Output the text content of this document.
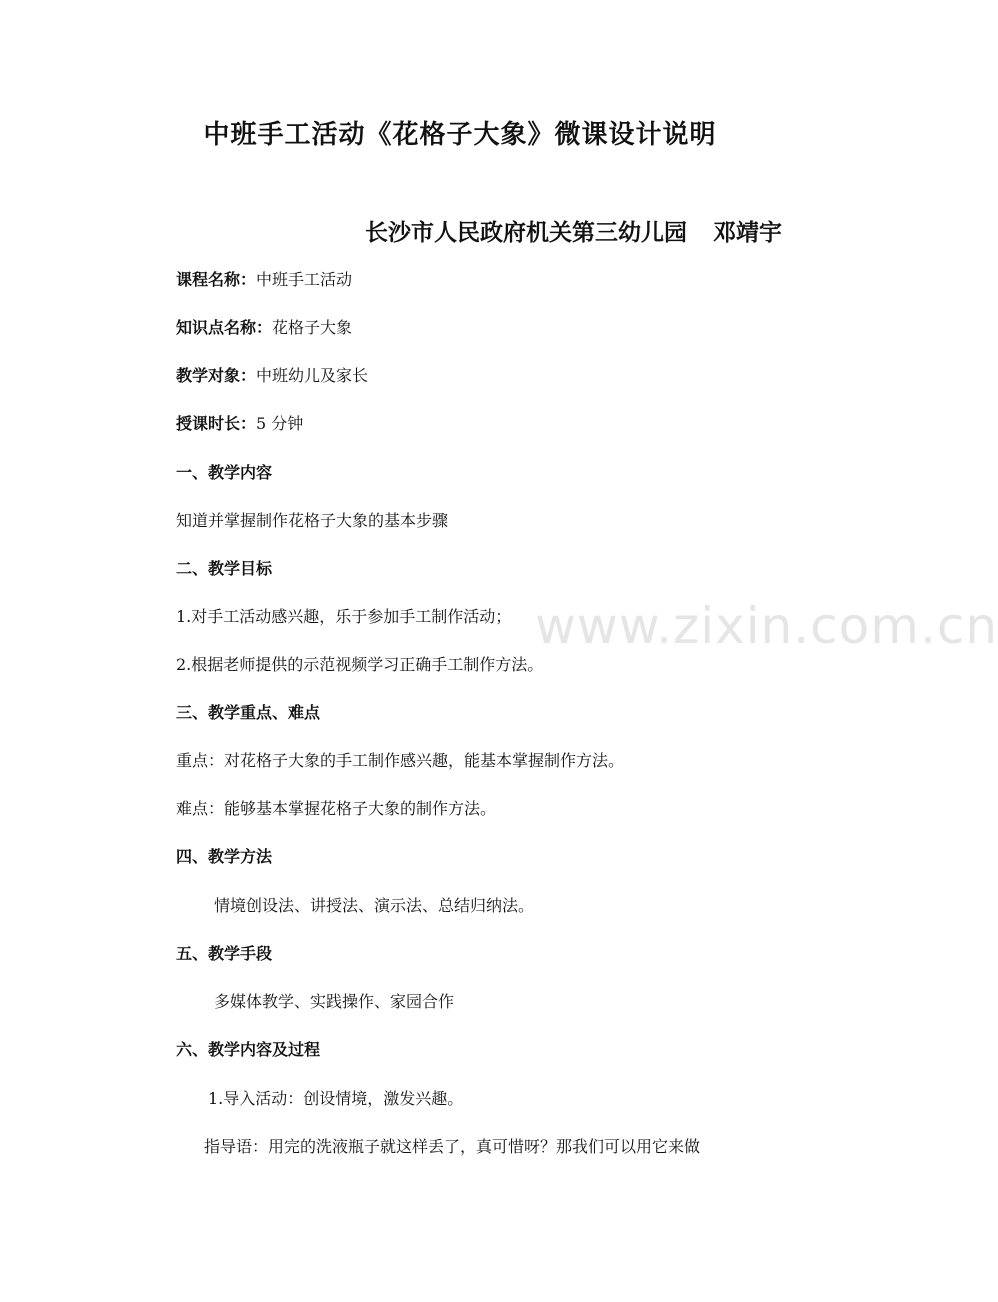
中班手工活动《花格子大象》微课设计说明
长沙市人民政府机关第三幼儿园 邓靖宇
课程名称：中班手工活动
知识点名称：花格子大象
教学对象：中班幼儿及家长
授课时长：5 分钟
一、教学内容
知道并掌握制作花格子大象的基本步骤
二、教学目标
1.对手工活动感兴趣，乐于参加手工制作活动；
2.根据老师提供的示范视频学习正确手工制作方法。
三、教学重点、难点
重点：对花格子大象的手工制作感兴趣，能基本掌握制作方法。
难点：能够基本掌握花格子大象的制作方法。
四、教学方法
情境创设法、讲授法、演示法、总结归纳法。
五、教学手段
多媒体教学、实践操作、家园合作
六、教学内容及过程
1.导入活动：创设情境，激发兴趣。
指导语：用完的洗液瓶子就这样丢了，真可惜呀？那我们可以用它来做
www.zixin.com.cn
